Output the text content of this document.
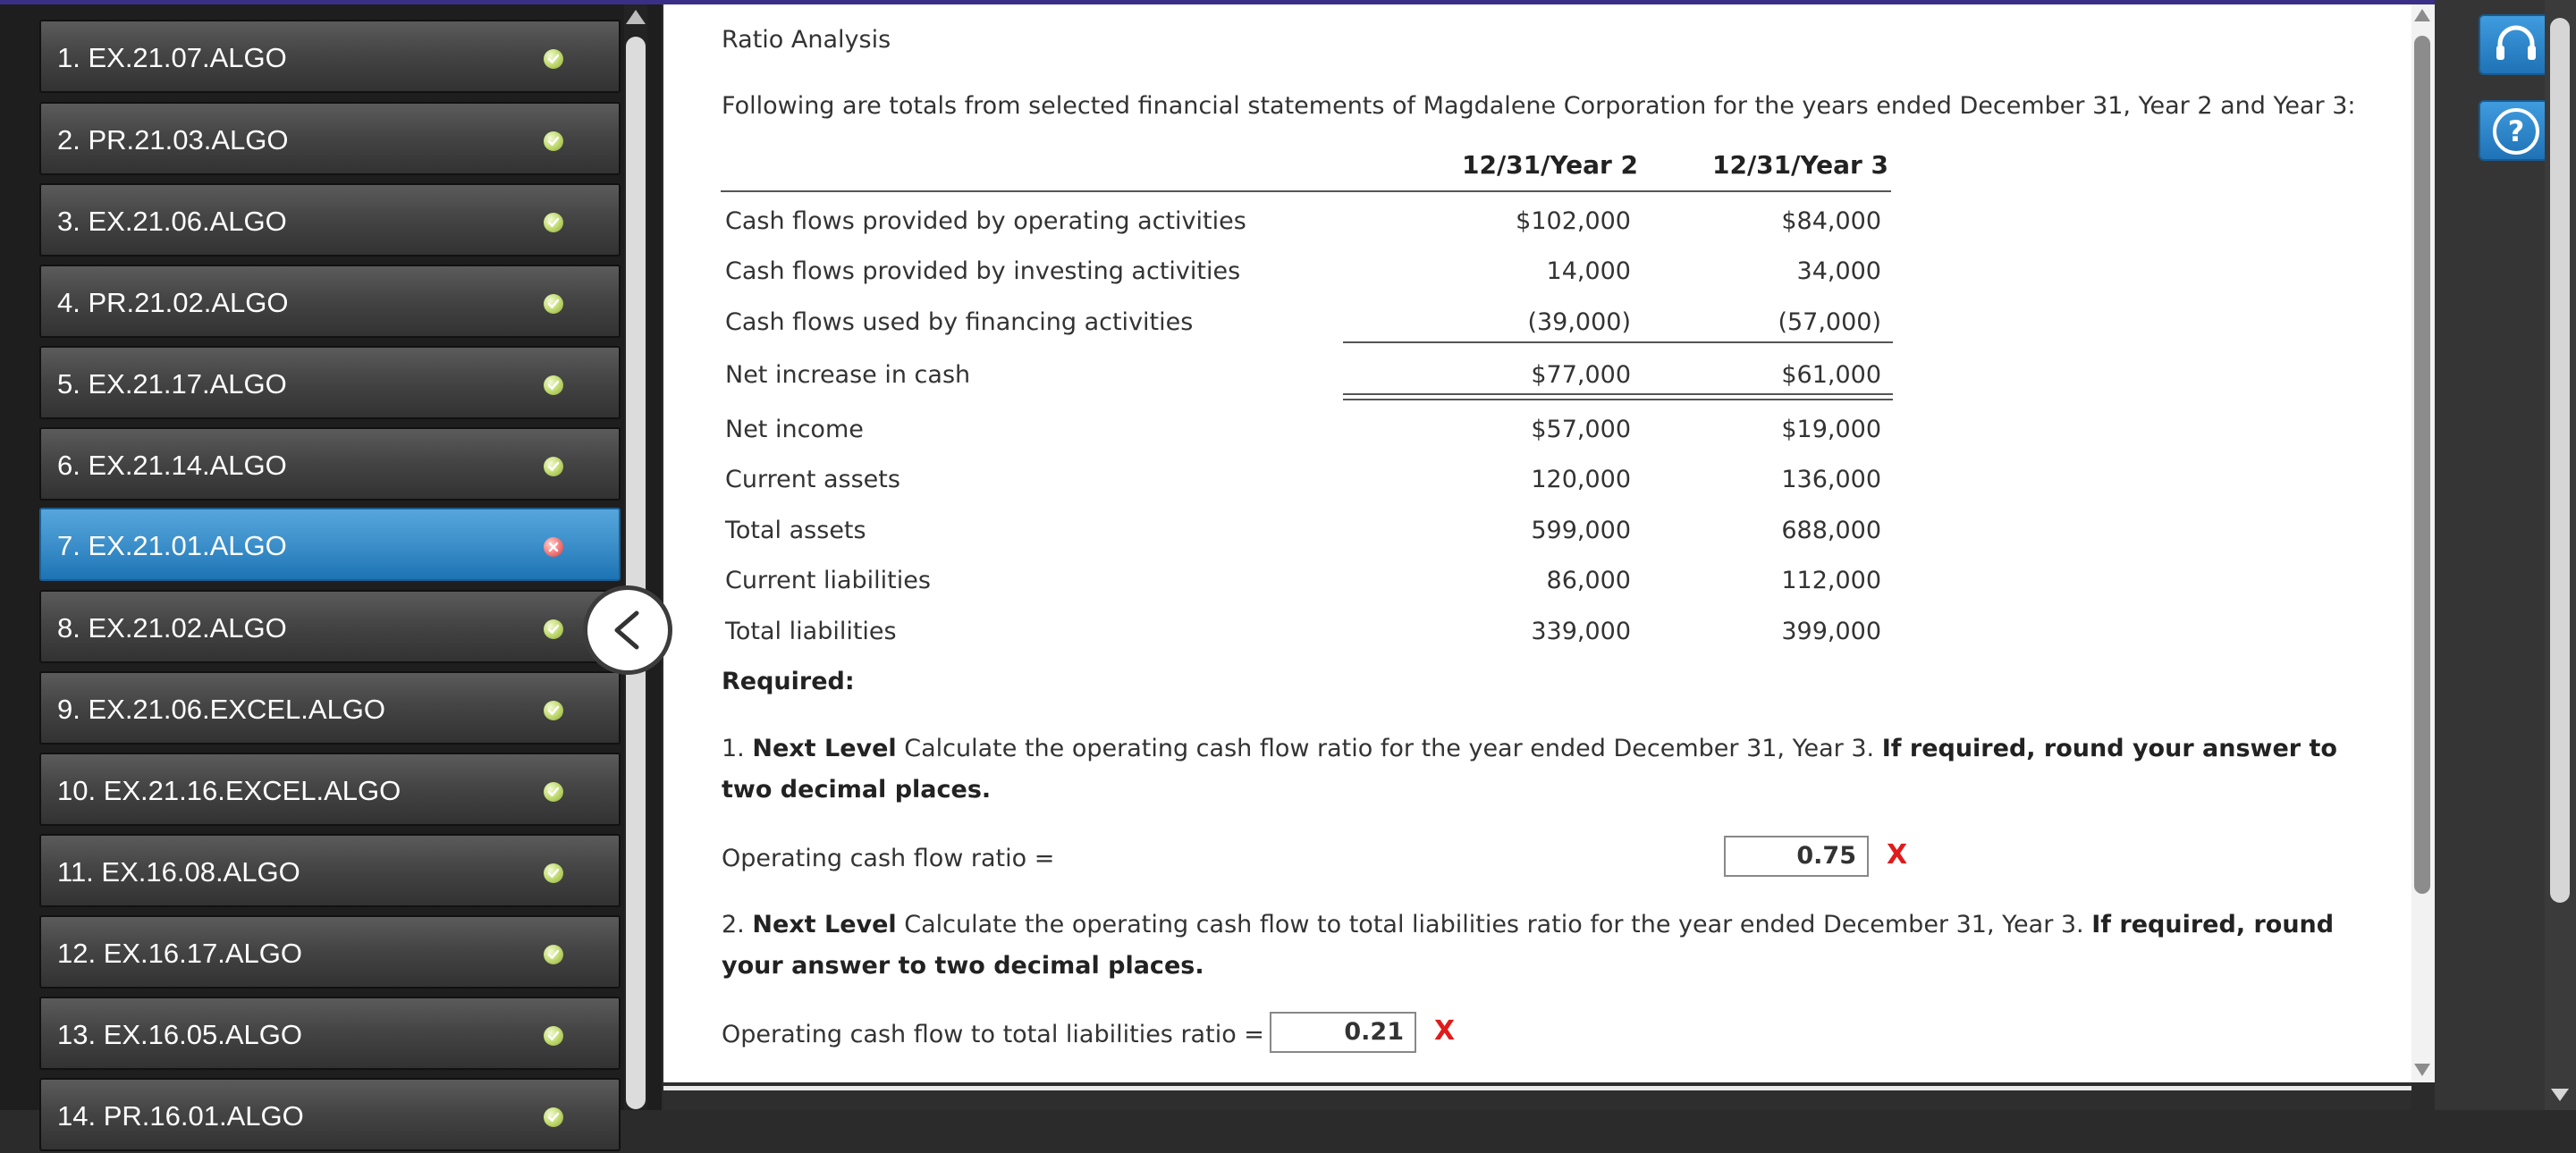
1. EX.21.07.ALGO
2. PR.21.03.ALGO
3. EX.21.06.ALGO
4. PR.21.02.ALGO
5. EX.21.17.ALGO
6. EX.21.14.ALGO
7. EX.21.01.ALGO
8. EX.21.02.ALGO
9. EX.21.06.EXCEL.ALGO
10. EX.21.16.EXCEL.ALGO
11. EX.16.08.ALGO
12. EX.16.17.ALGO
13. EX.16.05.ALGO
14. PR.16.01.ALGO
Ratio Analysis
Following are totals from selected financial statements of Magdalene Corporation for the years ended December 31, Year 2 and Year 3:
12/31/Year 2	12/31/Year 3
Cash flows provided by operating activities	$102,000	$84,000
Cash flows provided by investing activities	14,000	34,000
Cash flows used by financing activities	(39,000)	(57,000)
Net increase in cash	$77,000	$61,000
Net income	$57,000	$19,000
Current assets	120,000	136,000
Total assets	599,000	688,000
Current liabilities	86,000	112,000
Total liabilities	339,000	399,000
Required:
1. Next Level Calculate the operating cash flow ratio for the year ended December 31, Year 3. If required, round your answer to
two decimal places.
Operating cash flow ratio =	0.75	X
2. Next Level Calculate the operating cash flow to total liabilities ratio for the year ended December 31, Year 3. If required, round
your answer to two decimal places.
Operating cash flow to total liabilities ratio =	0.21	X
?
